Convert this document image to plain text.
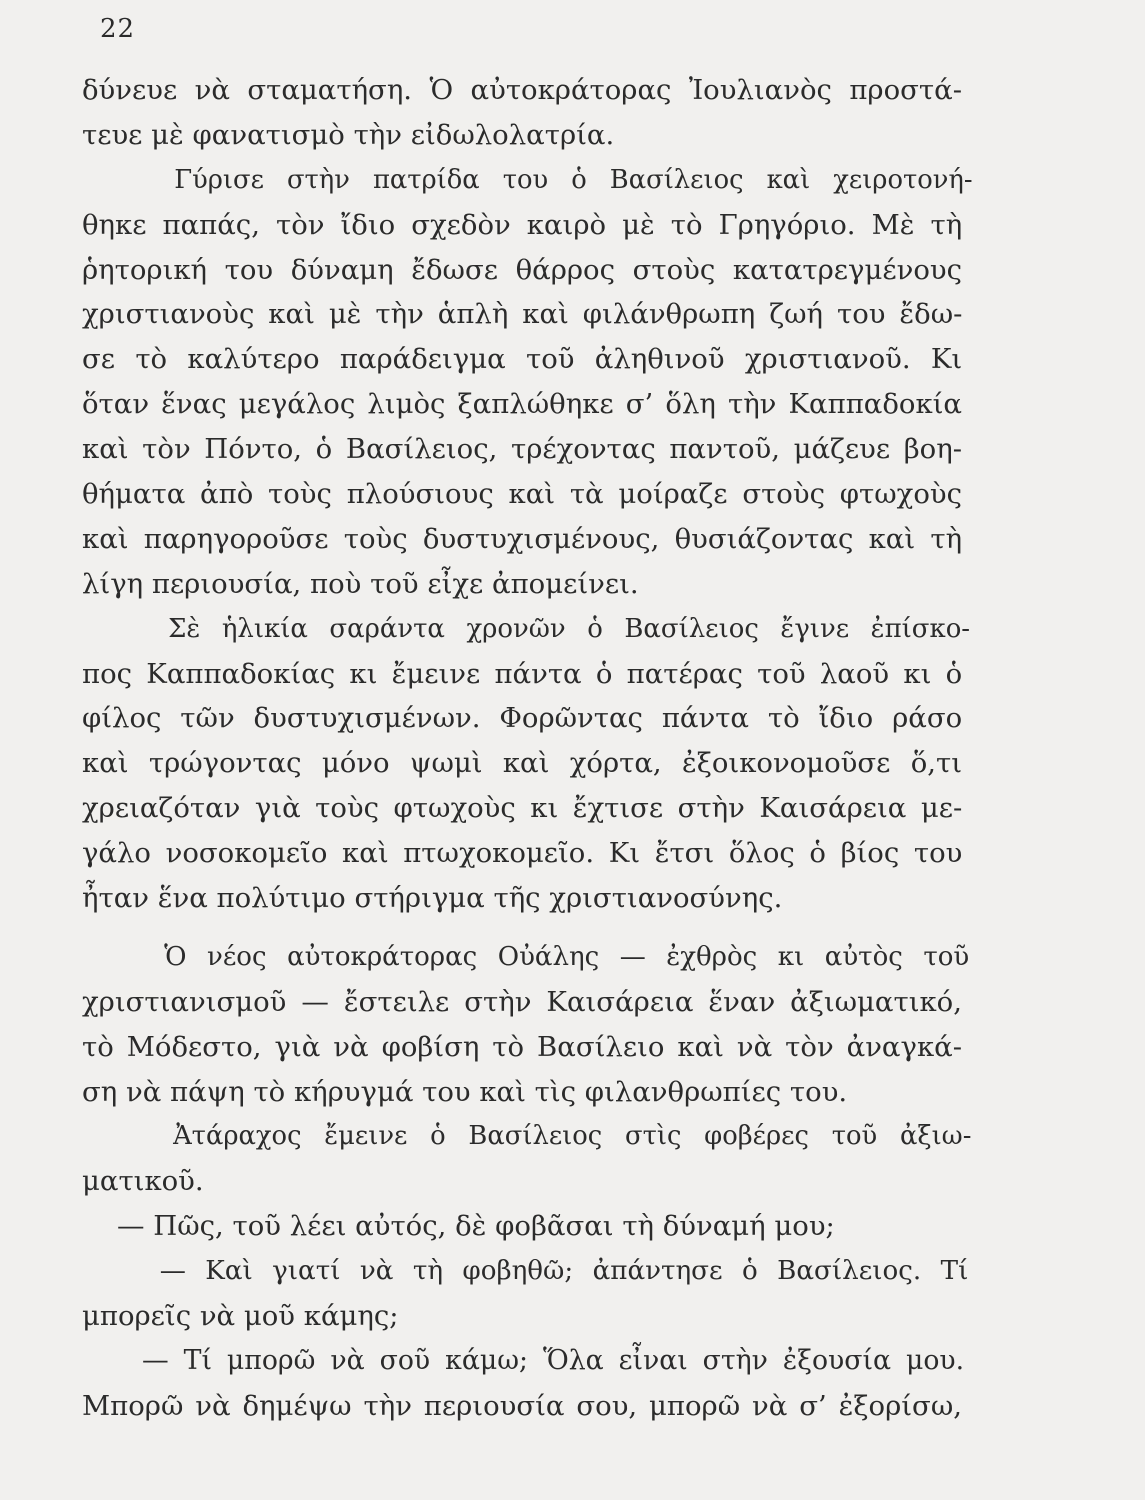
22
δύνευε νὰ σταματήση. Ὁ αὐτοκράτορας Ἰουλιανὸς προστά-
τευε μὲ φανατισμὸ τὴν εἰδωλολατρία.
Γύρισε στὴν πατρίδα του ὁ Βασίλειος καὶ χειροτονή-
θηκε παπάς, τὸν ἴδιο σχεδὸν καιρὸ μὲ τὸ Γρηγόριο. Μὲ τὴ
ῥητορική του δύναμη ἔδωσε θάρρος στοὺς κατατρεγμένους
χριστιανοὺς καὶ μὲ τὴν ἁπλὴ καὶ φιλάνθρωπη ζωή του ἔδω-
σε τὸ καλύτερο παράδειγμα τοῦ ἀληθινοῦ χριστιανοῦ. Κι
ὅταν ἕνας μεγάλος λιμὸς ξαπλώθηκε σ’ ὅλη τὴν Καππαδοκία
καὶ τὸν Πόντο, ὁ Βασίλειος, τρέχοντας παντοῦ, μάζευε βοη-
θήματα ἀπὸ τοὺς πλούσιους καὶ τὰ μοίραζε στοὺς φτωχοὺς
καὶ παρηγοροῦσε τοὺς δυστυχισμένους, θυσιάζοντας καὶ τὴ
λίγη περιουσία, ποὺ τοῦ εἶχε ἀπομείνει.
Σὲ ἡλικία σαράντα χρονῶν ὁ Βασίλειος ἔγινε ἐπίσκο-
πος Καππαδοκίας κι ἔμεινε πάντα ὁ πατέρας τοῦ λαοῦ κι ὁ
φίλος τῶν δυστυχισμένων. Φορῶντας πάντα τὸ ἴδιο ράσο
καὶ τρώγοντας μόνο ψωμὶ καὶ χόρτα, ἐξοικονομοῦσε ὅ,τι
χρειαζόταν γιὰ τοὺς φτωχοὺς κι ἔχτισε στὴν Καισάρεια με-
γάλο νοσοκομεῖο καὶ πτωχοκομεῖο. Κι ἔτσι ὅλος ὁ βίος του
ἦταν ἕνα πολύτιμο στήριγμα τῆς χριστιανοσύνης.
Ὁ νέος αὐτοκράτορας Οὐάλης — ἐχθρὸς κι αὐτὸς τοῦ
χριστιανισμοῦ — ἔστειλε στὴν Καισάρεια ἕναν ἀξιωματικό,
τὸ Μόδεστο, γιὰ νὰ φοβίση τὸ Βασίλειο καὶ νὰ τὸν ἀναγκά-
ση νὰ πάψη τὸ κήρυγμά του καὶ τὶς φιλανθρωπίες του.
Ἀτάραχος ἔμεινε ὁ Βασίλειος στὶς φοβέρες τοῦ ἀξιω-
ματικοῦ.
— Πῶς, τοῦ λέει αὐτός, δὲ φοβᾶσαι τὴ δύναμή μου;
— Καὶ γιατί νὰ τὴ φοβηθῶ; ἀπάντησε ὁ Βασίλειος. Τί
μπορεῖς νὰ μοῦ κάμης;
— Τί μπορῶ νὰ σοῦ κάμω; Ὅλα εἶναι στὴν ἐξουσία μου.
Μπορῶ νὰ δημέψω τὴν περιουσία σου, μπορῶ νὰ σ’ ἐξορίσω,
